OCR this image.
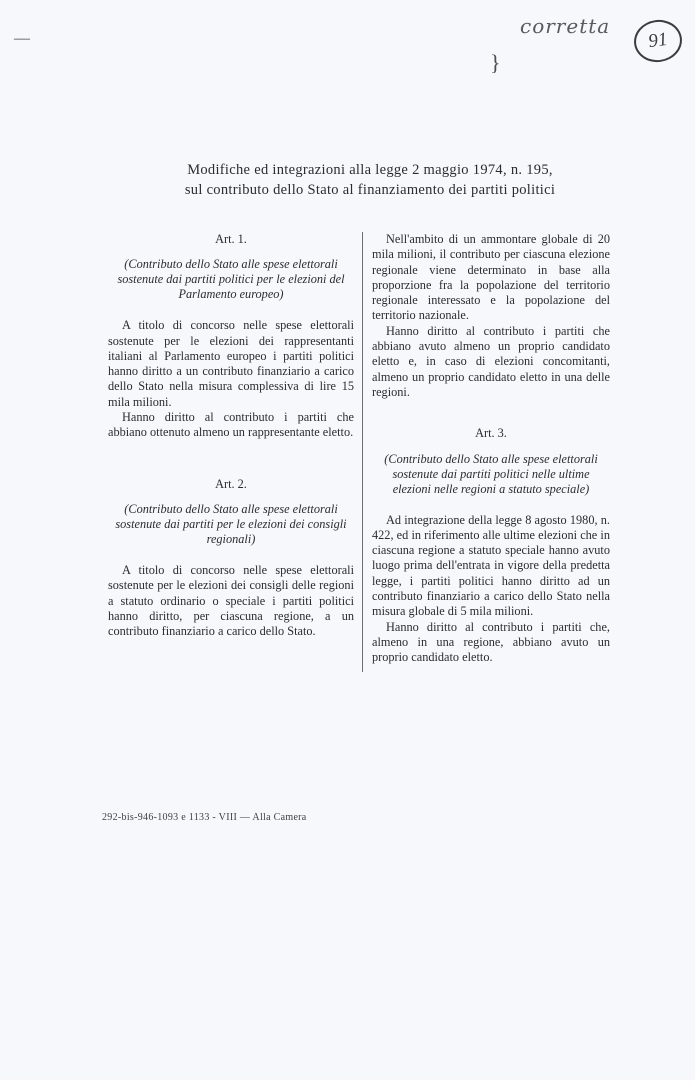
—
corretta
}
91
Modifiche ed integrazioni alla legge 2 maggio 1974, n. 195,
sul contributo dello Stato al finanziamento dei partiti politici
Art. 1.
(Contributo dello Stato alle spese elettorali sostenute dai partiti politici per le elezioni del Parlamento europeo)

A titolo di concorso nelle spese elettorali sostenute per le elezioni dei rappresentanti italiani al Parlamento europeo i partiti politici hanno diritto a un contributo finanziario a carico dello Stato nella misura complessiva di lire 15 mila milioni.

Hanno diritto al contributo i partiti che abbiano ottenuto almeno un rappresentante eletto.

Art. 2.
(Contributo dello Stato alle spese elettorali sostenute dai partiti per le elezioni dei consigli regionali)

A titolo di concorso nelle spese elettorali sostenute per le elezioni dei consigli delle regioni a statuto ordinario o speciale i partiti politici hanno diritto, per ciascuna regione, a un contributo finanziario a carico dello Stato.

Nell'ambito di un ammontare globale di 20 mila milioni, il contributo per ciascuna elezione regionale viene determinato in base alla proporzione fra la popolazione del territorio regionale interessato e la popolazione del territorio nazionale.

Hanno diritto al contributo i partiti che abbiano avuto almeno un proprio candidato eletto e, in caso di elezioni concomitanti, almeno un proprio candidato eletto in una delle regioni.

Art. 3.
(Contributo dello Stato alle spese elettorali sostenute dai partiti politici nelle ultime elezioni nelle regioni a statuto speciale)

Ad integrazione della legge 8 agosto 1980, n. 422, ed in riferimento alle ultime elezioni che in ciascuna regione a statuto speciale hanno avuto luogo prima dell'entrata in vigore della predetta legge, i partiti politici hanno diritto ad un contributo finanziario a carico dello Stato nella misura globale di 5 mila milioni.

Hanno diritto al contributo i partiti che, almeno in una regione, abbiano avuto un proprio candidato eletto.

292-bis-946-1093 e 1133 - VIII — Alla Camera
